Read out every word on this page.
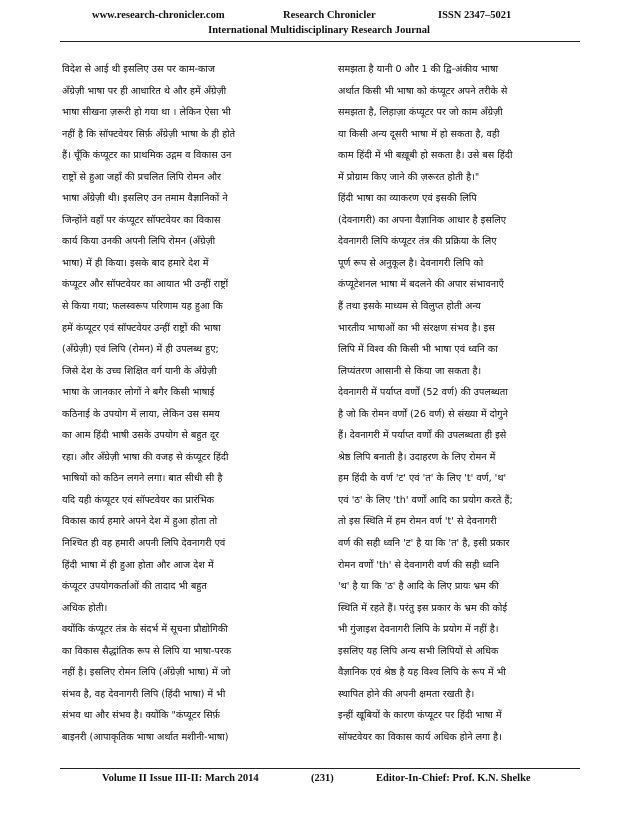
www.research-chronicler.com	Research Chronicler	ISSN 2347–5021
International Multidisciplinary Research Journal

विदेश से आई थी इसलिए उस पर काम-काज

अँग्रेज़ी भाषा पर ही आधारित थे और हमें अँग्रेज़ी

भाषा सीखना ज़रूरी हो गया था । लेकिन ऐसा भी

नहीं है कि सॉफ्टवेयर सिर्फ़ अँग्रेज़ी भाषा के ही होते

हैं। चूँकि कंप्यूटर का प्राथमिक उद्गम व विकास उन

राष्ट्रों से हुआ जहाँ की प्रचलित लिपि रोमन और

भाषा अँग्रेज़ी थी। इसलिए उन तमाम वैज्ञानिकों ने

जिन्होंने वहाँ पर कंप्यूटर सॉफ्टवेयर का विकास

कार्य किया उनकी अपनी लिपि रोमन (अँग्रेज़ी

भाषा) में ही किया। इसके बाद हमारे देश में

कंप्यूटर और सॉफ्टवेयर का आयात भी उन्हीं राष्ट्रों

से किया गया; फलस्वरूप परिणाम यह हुआ कि

हमें कंप्यूटर एवं सॉफ्टवेयर उन्हीं राष्ट्रों की भाषा

(अँग्रेज़ी) एवं लिपि (रोमन) में ही उपलब्ध हुए;

जिसे देश के उच्च शिक्षित वर्ग यानी के अँग्रेज़ी

भाषा के जानकार लोगों ने बगैर किसी भाषाई

कठिनाई के उपयोग में लाया, लेकिन उस समय

का आम हिंदी भाषी उसके उपयोग से बहुत दूर

रहा। और अँग्रेज़ी भाषा की वजह से कंप्यूटर हिंदी

भाषियों को कठिन लगने लगा। बात सीधी सी है

यदि यही कंप्यूटर एवं सॉफ्टवेयर का प्रारंभिक

विकास कार्य हमारे अपने देश में हुआ होता तो

निश्चित ही वह हमारी अपनी लिपि देवनागरी एवं

हिंदी भाषा में ही हुआ होता और आज देश में

कंप्यूटर उपयोगकर्ताओं की तादाद भी बहुत

अधिक होती।

क्योंकि कंप्यूटर तंत्र के संदर्भ में सूचना प्रौद्योगिकी

का विकास सैद्धांतिक रूप से लिपि या भाषा-परक

नहीं है। इसलिए रोमन लिपि (अँग्रेज़ी भाषा) में जो

संभव है, वह देवनागरी लिपि (हिंदी भाषा) में भी

संभव था और संभव है। क्योंकि "कंप्यूटर सिर्फ़

बाइनरी (आपाकृतिक भाषा अर्थात मशीनी-भाषा)

समझता है यानी 0 और 1 की द्वि-अंकीय भाषा

अर्थात किसी भी भाषा को कंप्यूटर अपने तरीके से

समझता है, लिहाज़ा कंप्यूटर पर जो काम अँग्रेज़ी

या किसी अन्य दूसरी भाषा में हो सकता है, वही

काम हिंदी में भी बख़ूबी हो सकता है। उसे बस हिंदी

में प्रोग्राम किए जाने की ज़रूरत होती है।"

हिंदी भाषा का व्याकरण एवं इसकी लिपि

(देवनागरी) का अपना वैज्ञानिक आधार है इसलिए

देवनागरी लिपि कंप्यूटर तंत्र की प्रक्रिया के लिए

पूर्ण रूप से अनुकूल है। देवनागरी लिपि को

कंप्यूटेशनल भाषा में बदलने की अपार संभावनाएँ

हैं तथा इसके माध्यम से विलुप्त होती अन्य

भारतीय भाषाओं का भी संरक्षण संभव है। इस

लिपि में विश्व की किसी भी भाषा एवं ध्वनि का

लिप्यंतरण आसानी से किया जा सकता है।

देवनागरी में पर्याप्त वर्णों (52 वर्ण) की उपलब्धता

है जो कि रोमन वर्णों (26 वर्ण) से संख्या में दोगुने

हैं। देवनागरी में पर्याप्त वर्णों की उपलब्धता ही इसे

श्रेष्ठ लिपि बनाती है। उदाहरण के लिए रोमन में

हम हिंदी के वर्ण 'ट' एवं 'त' के लिए 't' वर्ण, 'थ'

एवं 'ठ' के लिए 'th' वर्णों आदि का प्रयोग करते हैं;

तो इस स्थिति में हम रोमन वर्ण 't' से देवनागरी

वर्ण की सही ध्वनि 'ट' है या कि 'त' है, इसी प्रकार

रोमन वर्णों 'th' से देवनागरी वर्ण की सही ध्वनि

'थ' है या कि 'ठ' है आदि के लिए प्रायः भ्रम की

स्थिति में रहते हैं। परंतु इस प्रकार के भ्रम की कोई

भी गुंजाइश देवनागरी लिपि के प्रयोग में नहीं है।

इसलिए यह लिपि अन्य सभी लिपियों से अधिक

वैज्ञानिक एवं श्रेष्ठ है यह विश्व लिपि के रूप में भी

स्थापित होने की अपनी क्षमता रखती है।

इन्हीं खूबियों के कारण कंप्यूटर पर हिंदी भाषा में

सॉफ्टवेयर का विकास कार्य अधिक होने लगा है।

Volume II Issue III-II: March 2014	(231)	Editor-In-Chief: Prof. K.N. Shelke
